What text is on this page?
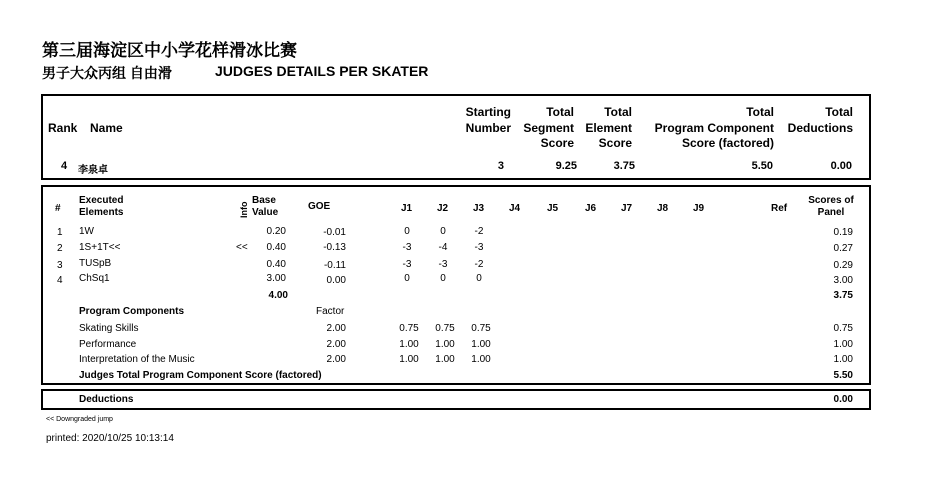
第三届海淀区中小学花样滑冰比赛
男子大众丙组 自由滑	JUDGES DETAILS PER SKATER
Rank Name
Starting
Number
Total
Segment
Score
Total
Element
Score
Total
Program Component
Score (factored)
Total
Deductions
4 李泉卓	3	9.25	3.75	5.50	0.00
#
Executed
Elements	Info
Base
Value
GOE	J1 J2 J3 J4	J5	J6 J7 J8 J9	Ref
Scores of
Panel
1 1W	0.20	-0.01	0	0	-2	0.19
2 1S+1T<<	<<	0.40	-0.13	-3	-4	-3	0.27
3 TUSpB	0.40	-0.11	-3	-3	-2	0.29
4 ChSq1	3.00	0.00	0	0	0	3.00
4.00	3.75
Program Components	Factor
Skating Skills	2.00	0.75	0.75	0.75	0.75
Performance	2.00	1.00	1.00	1.00	1.00
Interpretation of the Music	2.00	1.00	1.00	1.00	1.00
Judges Total Program Component Score (factored)	5.50
Deductions	0.00
<< Downgraded jump
printed: 2020/10/25 10:13:14
